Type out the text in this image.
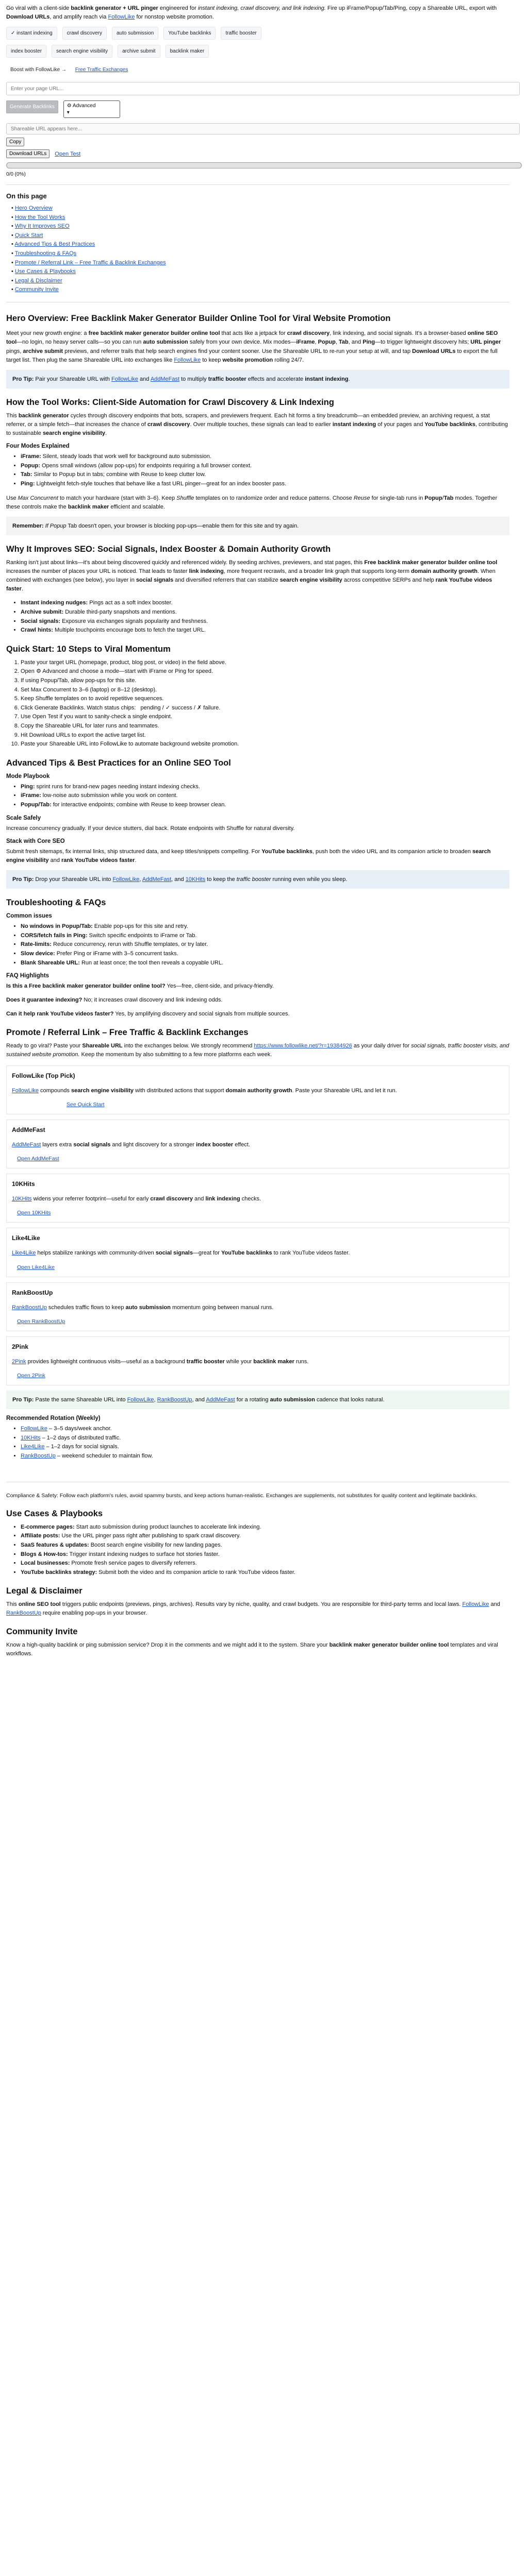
Go viral with a client-side backlink generator + URL pinger engineered for instant indexing, crawl discovery, and link indexing. Fire up iFrame/Popup/Tab/Ping, copy a Shareable URL, export with Download URLs, and amplify reach via FollowLike for nonstop website promotion.

✓ instant indexing	crawl discovery	auto submission	YouTube backlinks	traffic booster
index booster	search engine visibility	archive submit	backlink maker
Boost with FollowLike → Free Traffic Exchanges
Enter your page URL...
Generate Backlinks	⚙ Advanced
▾
Shareable URL appears here...
Copy
Download URLs	Open Test
0/0 (0%)
On this page
• Hero Overview
• How the Tool Works
• Why It Improves SEO
• Quick Start
• Advanced Tips & Best Practices
• Troubleshooting & FAQs
• Promote / Referral Link – Free Traffic & Backlink Exchanges
• Use Cases & Playbooks
• Legal & Disclaimer
• Community Invite
Hero Overview: Free Backlink Maker Generator Builder Online Tool for Viral Website Promotion

Meet your new growth engine: a free backlink maker generator builder online tool that acts like a jetpack for crawl discovery, link indexing, and social signals. It's a browser-based online SEO tool—no login, no heavy server calls—so you can run auto submission safely from your own device. Mix modes—iFrame, Popup, Tab, and Ping—to trigger lightweight discovery hits; URL pinger pings, archive submit previews, and referrer trails that help search engines find your content sooner. Use the Shareable URL to re-run your setup at will, and tap Download URLs to export the full target list. Then plug the same Shareable URL into exchanges like FollowLike to keep website promotion rolling 24/7.

Pro Tip: Pair your Shareable URL with FollowLike and AddMeFast to multiply traffic booster effects and accelerate instant indexing.
How the Tool Works: Client-Side Automation for Crawl Discovery & Link Indexing

This backlink generator cycles through discovery endpoints that bots, scrapers, and previewers frequent. Each hit forms a tiny breadcrumb—an embedded preview, an archiving request, a stat referrer, or a simple fetch—that increases the chance of crawl discovery. Over multiple touches, these signals can lead to earlier instant indexing of your pages and YouTube backlinks, contributing to sustainable search engine visibility.

Four Modes Explained
• iFrame: Silent, steady loads that work well for background auto submission.
• Popup: Opens small windows (allow pop-ups) for endpoints requiring a full browser context.
• Tab: Similar to Popup but in tabs; combine with Reuse to keep clutter low.
• Ping: Lightweight fetch-style touches that behave like a fast URL pinger—great for an index booster pass.

Use Max Concurrent to match your hardware (start with 3–6). Keep Shuffle templates on to randomize order and reduce patterns. Choose Reuse for single-tab runs in Popup/Tab modes. Together these controls make the backlink maker efficient and scalable.

Remember: If Popup Tab doesn't open, your browser is blocking pop-ups—enable them for this site and try again.
Why It Improves SEO: Social Signals, Index Booster & Domain Authority Growth

Ranking isn't just about links—it's about being discovered quickly and referenced widely. By seeding archives, previewers, and stat pages, this Free backlink maker generator builder online tool increases the number of places your URL is noticed. That leads to faster link indexing, more frequent recrawls, and a broader link graph that supports long-term domain authority growth. When combined with exchanges (see below), you layer in social signals and diversified referrers that can stabilize search engine visibility across competitive SERPs and help rank YouTube videos faster.

• Instant indexing nudges: Pings act as a soft index booster.
• Archive submit: Durable third-party snapshots and mentions.
• Social signals: Exposure via exchanges signals popularity and freshness.
• Crawl hints: Multiple touchpoints encourage bots to fetch the target URL.
Quick Start: 10 Steps to Viral Momentum
1. Paste your target URL (homepage, product, blog post, or video) in the field above.
2. Open ⚙ Advanced and choose a mode—start with iFrame or Ping for speed.
3. If using Popup/Tab, allow pop-ups for this site.
4. Set Max Concurrent to 3–6 (laptop) or 8–12 (desktop).
5. Keep Shuffle templates on to avoid repetitive sequences.
6. Click Generate Backlinks. Watch status chips:   pending / ✓ success / ✗ failure.
7. Use Open Test if you want to sanity-check a single endpoint.
8. Copy the Shareable URL for later runs and teammates.
9. Hit Download URLs to export the active target list.
10. Paste your Shareable URL into FollowLike to automate background website promotion.
Advanced Tips & Best Practices for an Online SEO Tool
Mode Playbook
• Ping: sprint runs for brand-new pages needing instant indexing checks.
• iFrame: low-noise auto submission while you work on content.
• Popup/Tab: for interactive endpoints; combine with Reuse to keep browser clean.
Scale Safely

Increase concurrency gradually. If your device stutters, dial back. Rotate endpoints with Shuffle for natural diversity.

Stack with Core SEO

Submit fresh sitemaps, fix internal links, ship structured data, and keep titles/snippets compelling. For YouTube backlinks, push both the video URL and its companion article to broaden search engine visibility and rank YouTube videos faster.

Pro Tip: Drop your Shareable URL into FollowLike, AddMeFast, and 10KHits to keep the traffic booster running even while you sleep.
Troubleshooting & FAQs
Common issues
• No windows in Popup/Tab: Enable pop-ups for this site and retry.
• CORS/fetch fails in Ping: Switch specific endpoints to iFrame or Tab.
• Rate-limits: Reduce concurrency, rerun with Shuffle templates, or try later.
• Slow device: Prefer Ping or iFrame with 3–5 concurrent tasks.
• Blank Shareable URL: Run at least once; the tool then reveals a copyable URL.
FAQ Highlights

Is this a Free backlink maker generator builder online tool? Yes—free, client-side, and privacy-friendly.

Does it guarantee indexing? No; it increases crawl discovery and link indexing odds.

Can it help rank YouTube videos faster? Yes, by amplifying discovery and social signals from multiple sources.

Promote / Referral Link – Free Traffic & Backlink Exchanges

Ready to go viral? Paste your Shareable URL into the exchanges below. We strongly recommend https://www.followlike.net/?r=19384926 as your daily driver for social signals, traffic booster visits, and sustained website promotion. Keep the momentum by also submitting to a few more platforms each week.

FollowLike (Top Pick)

FollowLike compounds search engine visibility with distributed actions that support domain authority growth. Paste your Shareable URL and let it run.

See Quick Start
AddMeFast

AddMeFast layers extra social signals and light discovery for a stronger index booster effect.

Open AddMeFast
10KHits

10KHits widens your referrer footprint—useful for early crawl discovery and link indexing checks.

Open 10KHits
Like4Like

Like4Like helps stabilize rankings with community-driven social signals—great for YouTube backlinks to rank YouTube videos faster.

Open Like4Like
RankBoostUp

RankBoostUp schedules traffic flows to keep auto submission momentum going between manual runs.

Open RankBoostUp
2Pink

2Pink provides lightweight continuous visits—useful as a background traffic booster while your backlink maker runs.

Open 2Pink
Pro Tip: Paste the same Shareable URL into FollowLike, RankBoostUp, and AddMeFast for a rotating auto submission cadence that looks natural.
Recommended Rotation (Weekly)
• FollowLike – 3–5 days/week anchor.
• 10KHits – 1–2 days of distributed traffic.
• Like4Like – 1–2 days for social signals.
• RankBoostUp – weekend scheduler to maintain flow.

Compliance & Safety: Follow each platform's rules, avoid spammy bursts, and keep actions human-realistic. Exchanges are supplements, not substitutes for quality content and legitimate backlinks.

Use Cases & Playbooks
• E-commerce pages: Start auto submission during product launches to accelerate link indexing.
• Affiliate posts: Use the URL pinger pass right after publishing to spark crawl discovery.
• SaaS features & updates: Boost search engine visibility for new landing pages.
• Blogs & How-tos: Trigger instant indexing nudges to surface hot stories faster.
• Local businesses: Promote fresh service pages to diversify referrers.
• YouTube backlinks strategy: Submit both the video and its companion article to rank YouTube videos faster.
Legal & Disclaimer

This online SEO tool triggers public endpoints (previews, pings, archives). Results vary by niche, quality, and crawl budgets. You are responsible for third-party terms and local laws. FollowLike and RankBoostUp require enabling pop-ups in your browser.

Community Invite

Know a high-quality backlink or ping submission service? Drop it in the comments and we might add it to the system. Share your backlink maker generator builder online tool templates and viral workflows.
